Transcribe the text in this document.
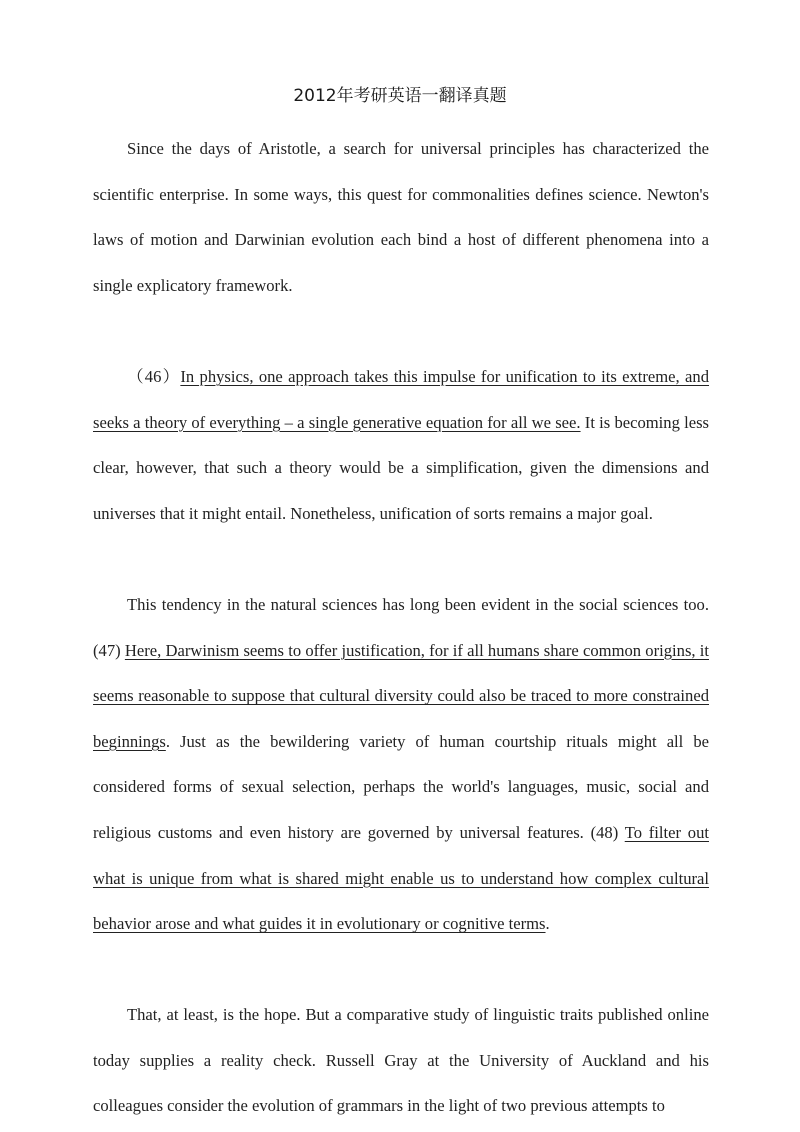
2012年考研英语一翻译真题

Since the days of Aristotle, a search for universal principles has characterized the scientific enterprise. In some ways, this quest for commonalities defines science. Newton's laws of motion and Darwinian evolution each bind a host of different phenomena into a single explicatory framework.

（46）In physics, one approach takes this impulse for unification to its extreme, and seeks a theory of everything – a single generative equation for all we see. It is becoming less clear, however, that such a theory would be a simplification, given the dimensions and universes that it might entail. Nonetheless, unification of sorts remains a major goal.

This tendency in the natural sciences has long been evident in the social sciences too. (47) Here, Darwinism seems to offer justification, for if all humans share common origins, it seems reasonable to suppose that cultural diversity could also be traced to more constrained beginnings. Just as the bewildering variety of human courtship rituals might all be considered forms of sexual selection, perhaps the world's languages, music, social and religious customs and even history are governed by universal features. (48) To filter out what is unique from what is shared might enable us to understand how complex cultural behavior arose and what guides it in evolutionary or cognitive terms.

That, at least, is the hope. But a comparative study of linguistic traits published online today supplies a reality check. Russell Gray at the University of Auckland and his colleagues consider the evolution of grammars in the light of two previous attempts to
